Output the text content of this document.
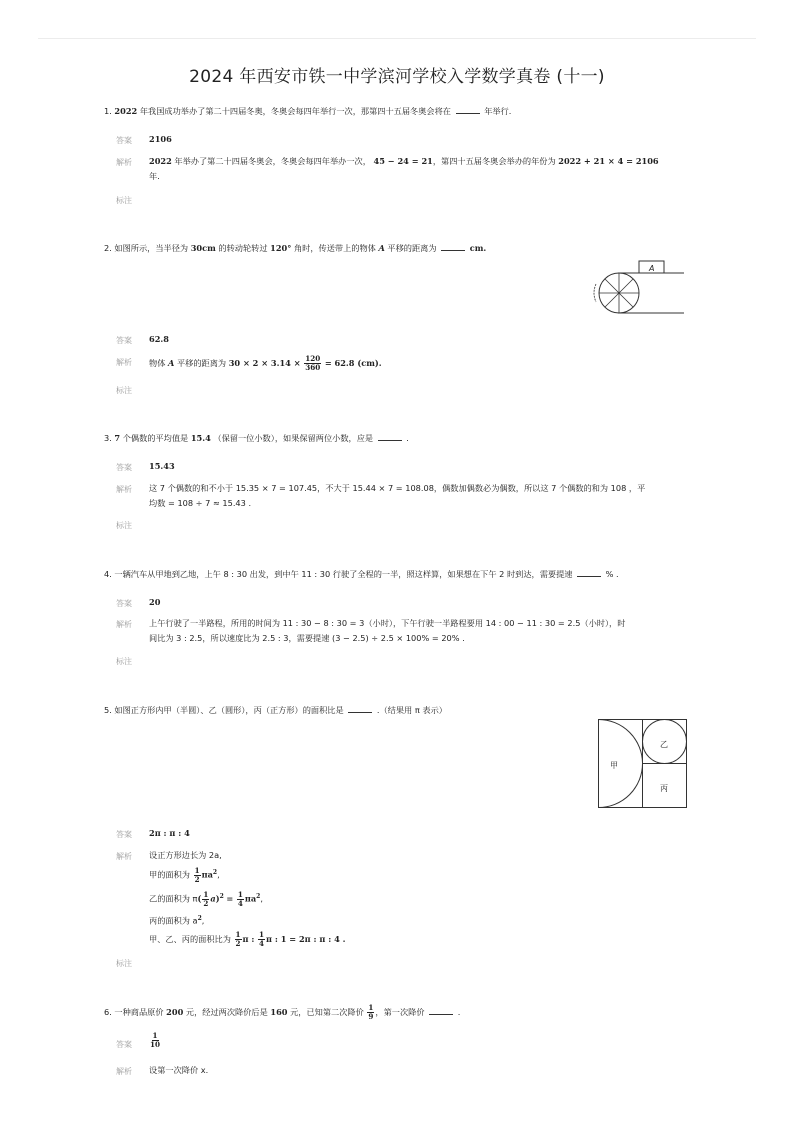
2024 年西安市铁一中学滨河学校入学数学真卷 (十一)
1. 2022 年我国成功举办了第二十四届冬奥，冬奥会每四年举行一次，那第四十五届冬奥会将在	年举行.
答案 2106
解析 2022 年举办了第二十四届冬奥会，冬奥会每四年举办一次， 45 − 24 = 21，第四十五届冬奥会举办的年份为 2022 + 21 × 4 = 2106
年.
标注
2. 如图所示，当半径为 30cm 的转动轮转过 120° 角时，传送带上的物体 A 平移的距离为	cm.
A
答案 62.8
解析 物体 A 平移的距离为 $30 \times 2 \times 3.14 \times \frac{120}{360} = 62.8$ (cm).
标注
3. 7 个偶数的平均值是 15.4 （保留一位小数），如果保留两位小数，应是	.
答案 15.43
解析 这 7 个偶数的和不小于 15.35 × 7 = 107.45，不大于 15.44 × 7 = 108.08，偶数加偶数必为偶数，所以这 7 个偶数的和为 108 ，平
均数 = 108 ÷ 7 ≈ 15.43 .
标注
4. 一辆汽车从甲地到乙地，上午 8 : 30 出发，到中午 11 : 30 行驶了全程的一半，照这样算，如果想在下午 2 时到达，需要提速	% .
答案 20
解析 上午行驶了一半路程，所用的时间为 11 : 30 − 8 : 30 = 3（小时），下午行驶一半路程要用 14 : 00 − 11 : 30 = 2.5（小时），时
间比为 3 : 2.5，所以速度比为 2.5 : 3，需要提速 (3 − 2.5) ÷ 2.5 × 100% = 20% .
标注
5. 如图正方形内甲（半圆）、乙（圆形），丙（正方形）的面积比是	.（结果用 π 表示）
甲
乙
丙
答案 2π : π : 4
解析 设正方形边长为 2a,
甲的面积为 $\frac{1}{2} \pi a^2$,
乙的面积为 $\pi( \frac{1}{2} a)^2 = \frac{1}{4} \pi a^2$,
丙的面积为 $a^2$,
甲、乙、丙的面积比为 $\frac{1}{2}$ π : $\frac{1}{4}$ π : 1 = 2π : π : 4 .
标注
6. 一种商品原价 200 元，经过两次降价后是 160 元，已知第二次降价 $\frac{1}{9}$ ，第一次降价	.
答案	$\frac{1}{10}$
解析 设第一次降价 x.
